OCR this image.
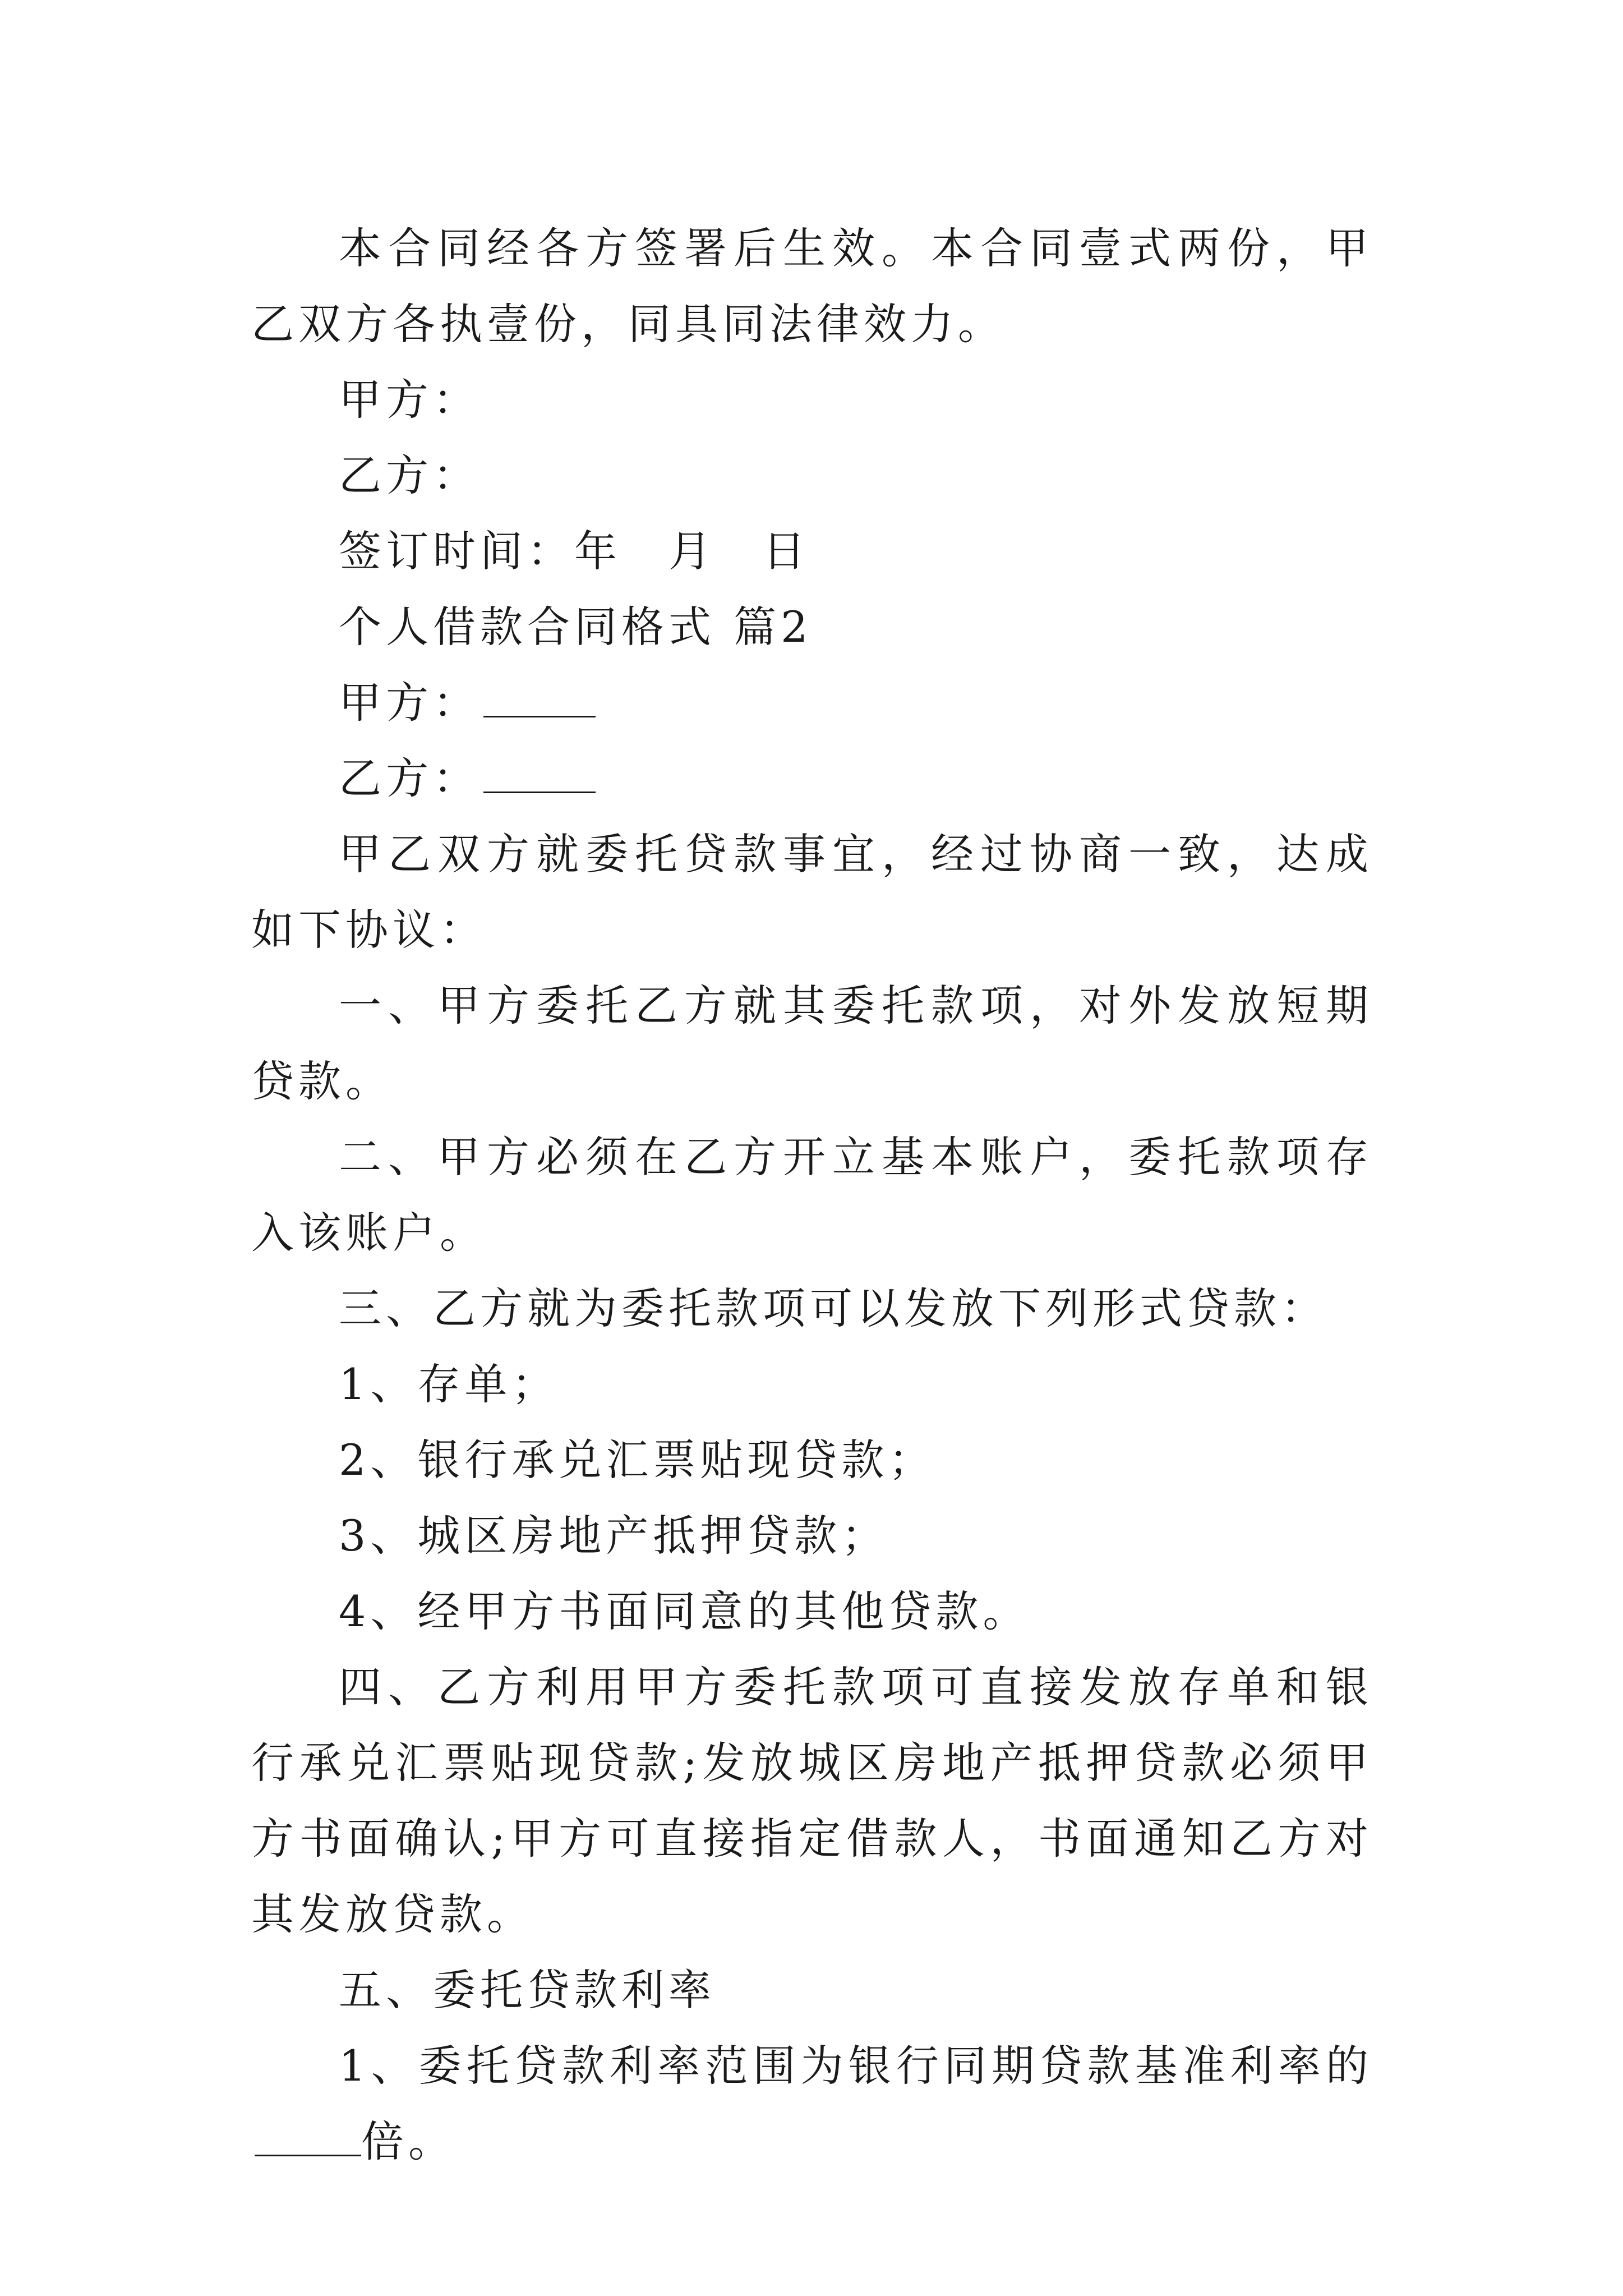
本合同经各方签署后生效。本合同壹式两份，甲乙双方各执壹份，同具同法律效力。

甲方：

乙方：

签订时间：年　月　日

个人借款合同格式 篇2

甲方：

乙方：

甲乙双方就委托贷款事宜，经过协商一致，达成如下协议：

一、甲方委托乙方就其委托款项，对外发放短期贷款。

二、甲方必须在乙方开立基本账户，委托款项存入该账户。

三、乙方就为委托款项可以发放下列形式贷款：

1、存单；

2、银行承兑汇票贴现贷款；

3、城区房地产抵押贷款；

4、经甲方书面同意的其他贷款。

四、乙方利用甲方委托款项可直接发放存单和银行承兑汇票贴现贷款;发放城区房地产抵押贷款必须甲方书面确认;甲方可直接指定借款人，书面通知乙方对其发放贷款。

五、委托贷款利率

1、委托贷款利率范围为银行同期贷款基准利率的倍。
